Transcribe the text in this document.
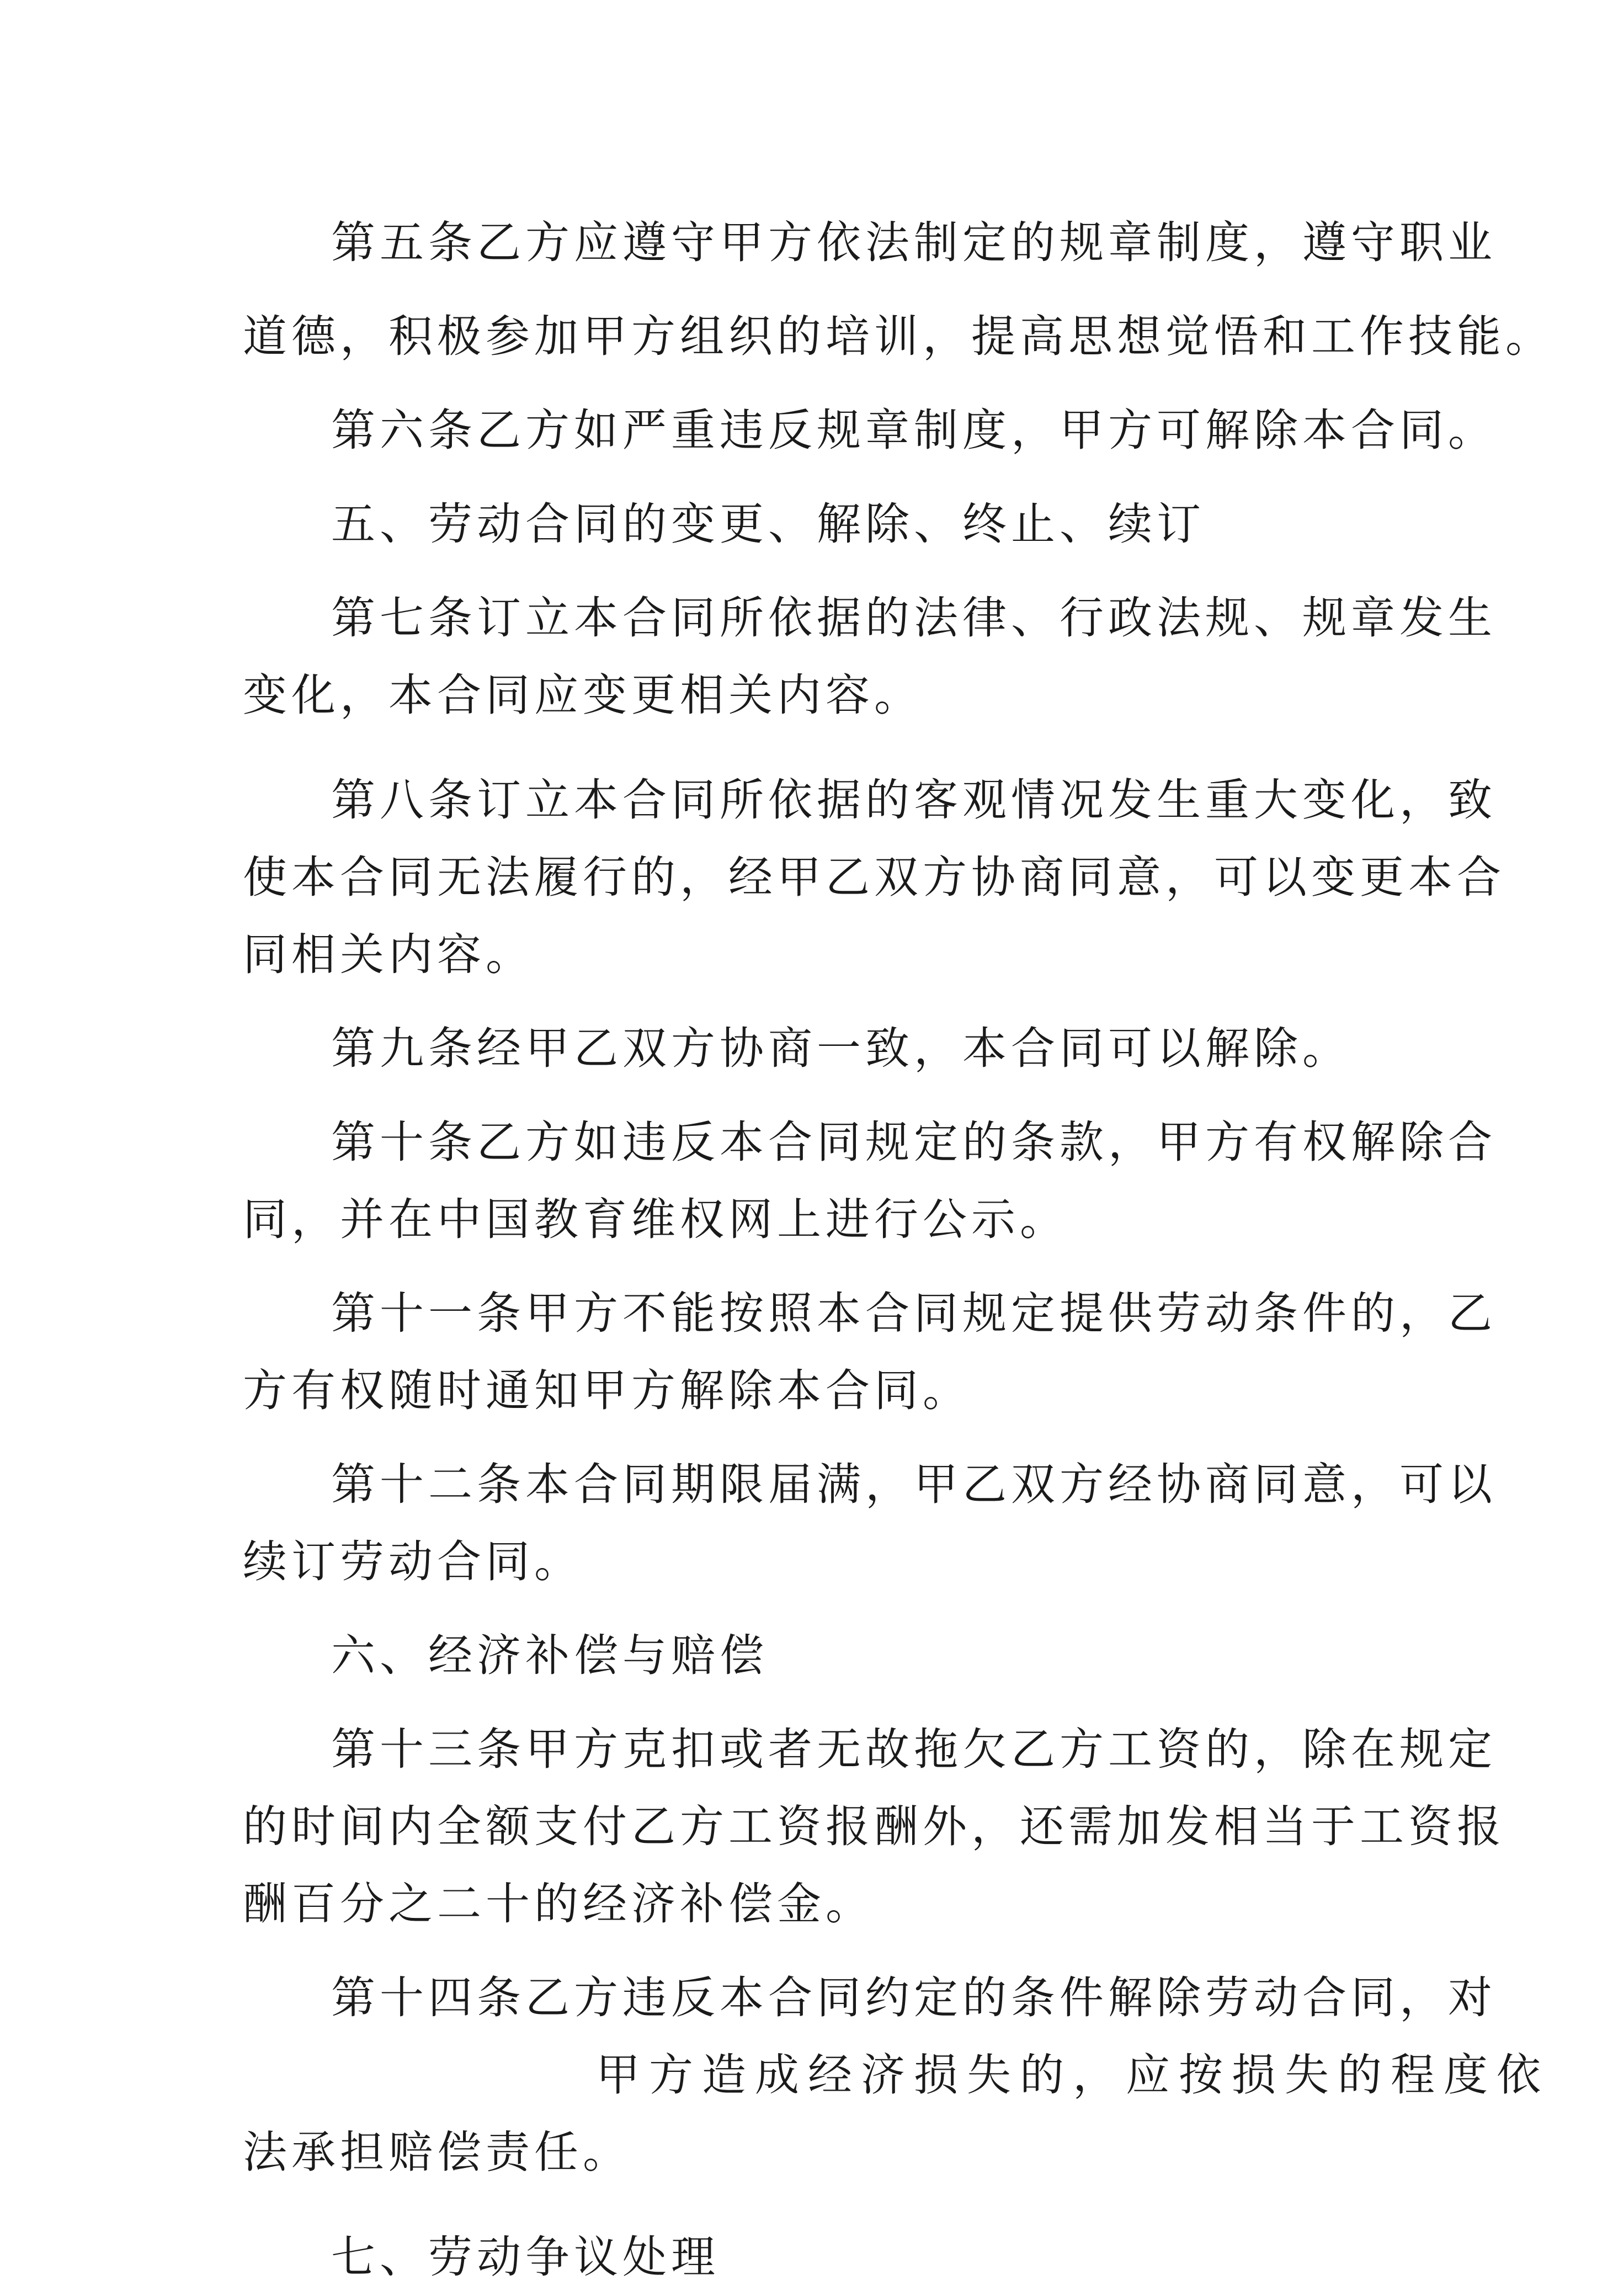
第五条乙方应遵守甲方依法制定的规章制度，遵守职业

道德，积极参加甲方组织的培训，提高思想觉悟和工作技能。

第六条乙方如严重违反规章制度，甲方可解除本合同。

五、劳动合同的变更、解除、终止、续订

第七条订立本合同所依据的法律、行政法规、规章发生

变化，本合同应变更相关内容。

第八条订立本合同所依据的客观情况发生重大变化，致

使本合同无法履行的，经甲乙双方协商同意，可以变更本合

同相关内容。

第九条经甲乙双方协商一致，本合同可以解除。

第十条乙方如违反本合同规定的条款，甲方有权解除合

同，并在中国教育维权网上进行公示。

第十一条甲方不能按照本合同规定提供劳动条件的，乙

方有权随时通知甲方解除本合同。

第十二条本合同期限届满，甲乙双方经协商同意，可以

续订劳动合同。

六、经济补偿与赔偿

第十三条甲方克扣或者无故拖欠乙方工资的，除在规定

的时间内全额支付乙方工资报酬外，还需加发相当于工资报

酬百分之二十的经济补偿金。

第十四条乙方违反本合同约定的条件解除劳动合同，对

甲方造成经济损失的，应按损失的程度依

法承担赔偿责任。

七、劳动争议处理
